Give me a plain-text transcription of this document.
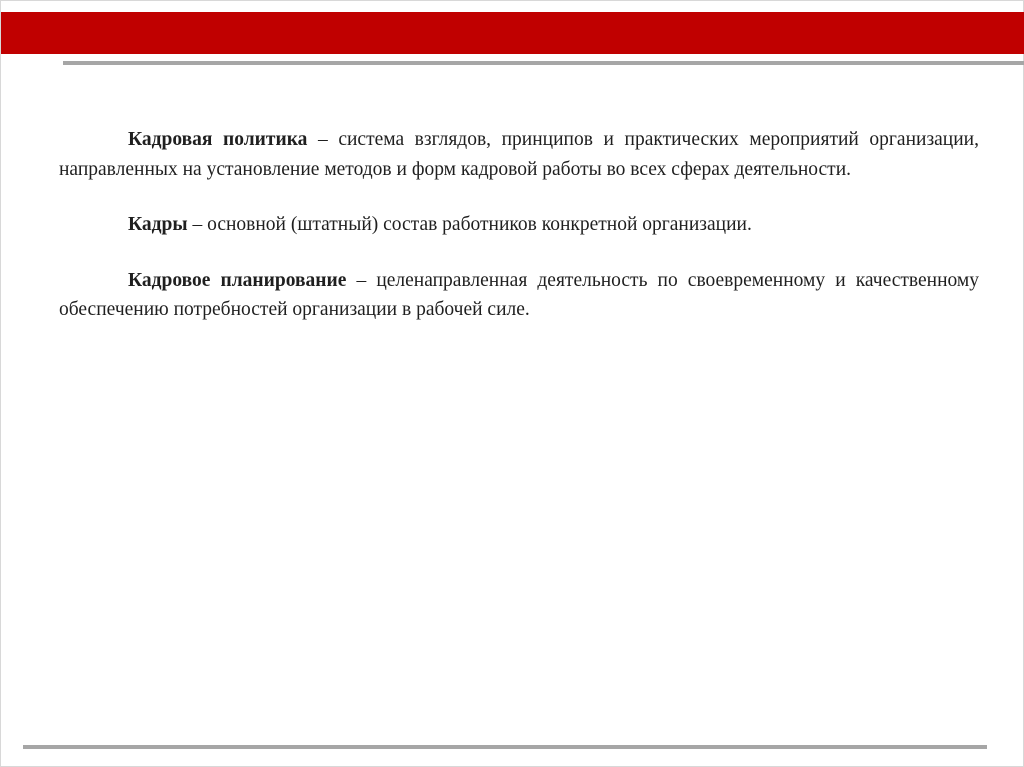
Кадровая политика – система взглядов, принципов и практических мероприятий организации, направленных на установление методов и форм кадровой работы во всех сферах деятельности.

Кадры – основной (штатный) состав работников конкретной организации.

Кадровое планирование – целенаправленная деятельность по своевременному и качественному обеспечению потребностей организации в рабочей силе.
